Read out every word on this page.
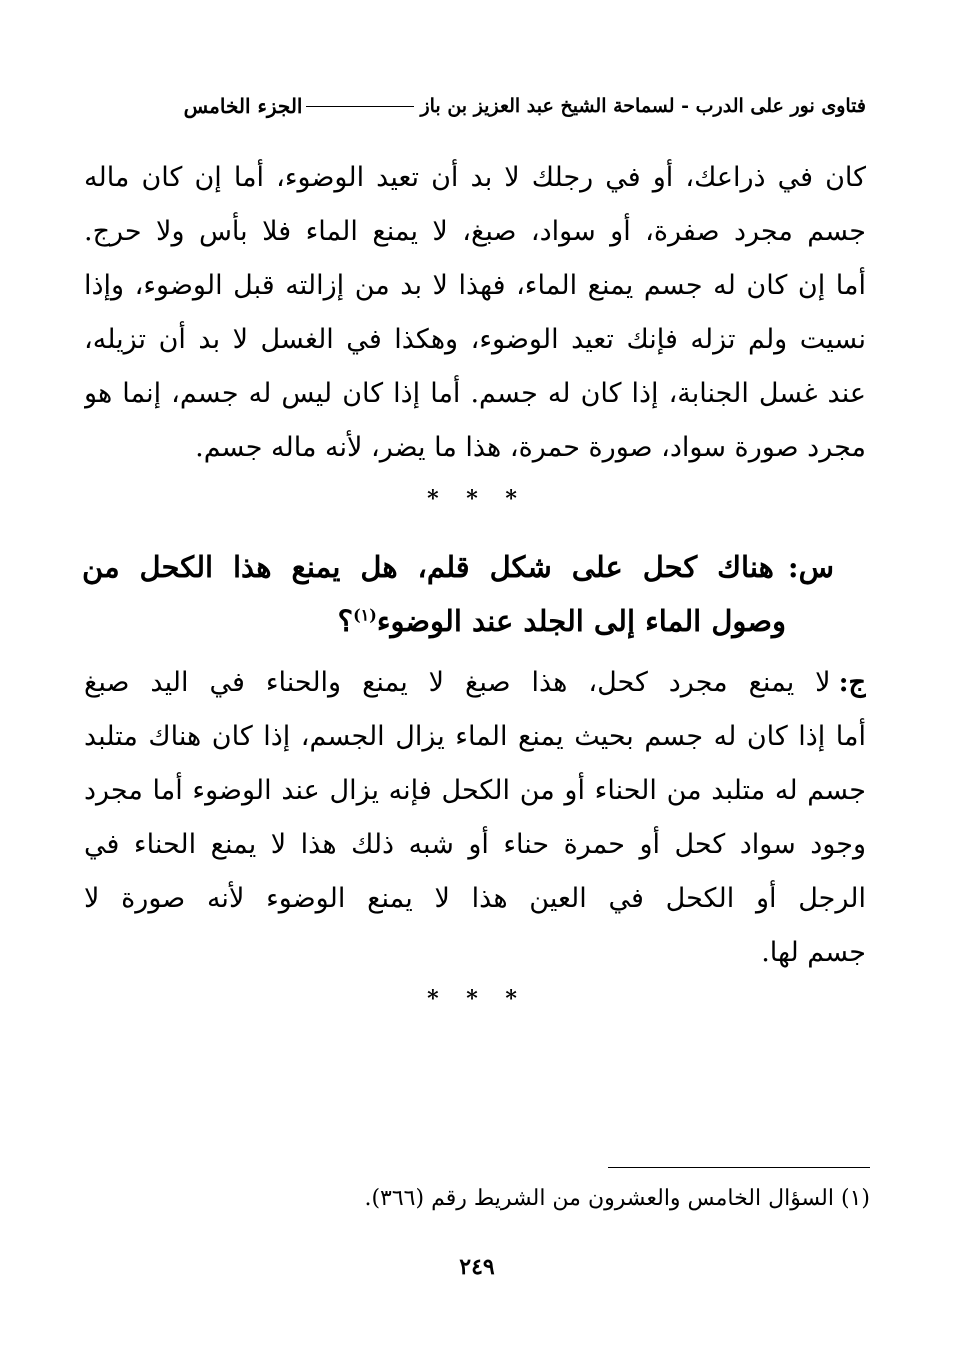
فتاوى نور على الدرب - لسماحة الشيخ عبد العزيز بن باز
الجزء الخامس
كان في ذراعك، أو في رجلك لا بد أن تعيد الوضوء، أما إن كان ماله
جسم مجرد صفرة، أو سواد، صبغ، لا يمنع الماء فلا بأس ولا حرج.
أما إن كان له جسم يمنع الماء، فهذا لا بد من إزالته قبل الوضوء، وإذا
نسيت ولم تزله فإنك تعيد الوضوء، وهكذا في الغسل لا بد أن تزيله،
عند غسل الجنابة، إذا كان له جسم. أما إذا كان ليس له جسم، إنما هو
مجرد صورة سواد، صورة حمرة، هذا ما يضر، لأنه ماله جسم.
* * *
س:هناك كحل على شكل قلم، هل يمنع هذا الكحل من
وصول الماء إلى الجلد عند الوضوء$^{(١)}$؟
ج:لا يمنع مجرد كحل، هذا صبغ لا يمنع والحناء في اليد صبغ
أما إذا كان له جسم بحيث يمنع الماء يزال الجسم، إذا كان هناك متلبد
جسم له متلبد من الحناء أو من الكحل فإنه يزال عند الوضوء أما مجرد
وجود سواد كحل أو حمرة حناء أو شبه ذلك هذا لا يمنع الحناء في
الرجل أو الكحل في العين هذا لا يمنع الوضوء لأنه صورة لا
جسم لها.
* * *
(١) السؤال الخامس والعشرون من الشريط رقم (٣٦٦).
٢٤٩
